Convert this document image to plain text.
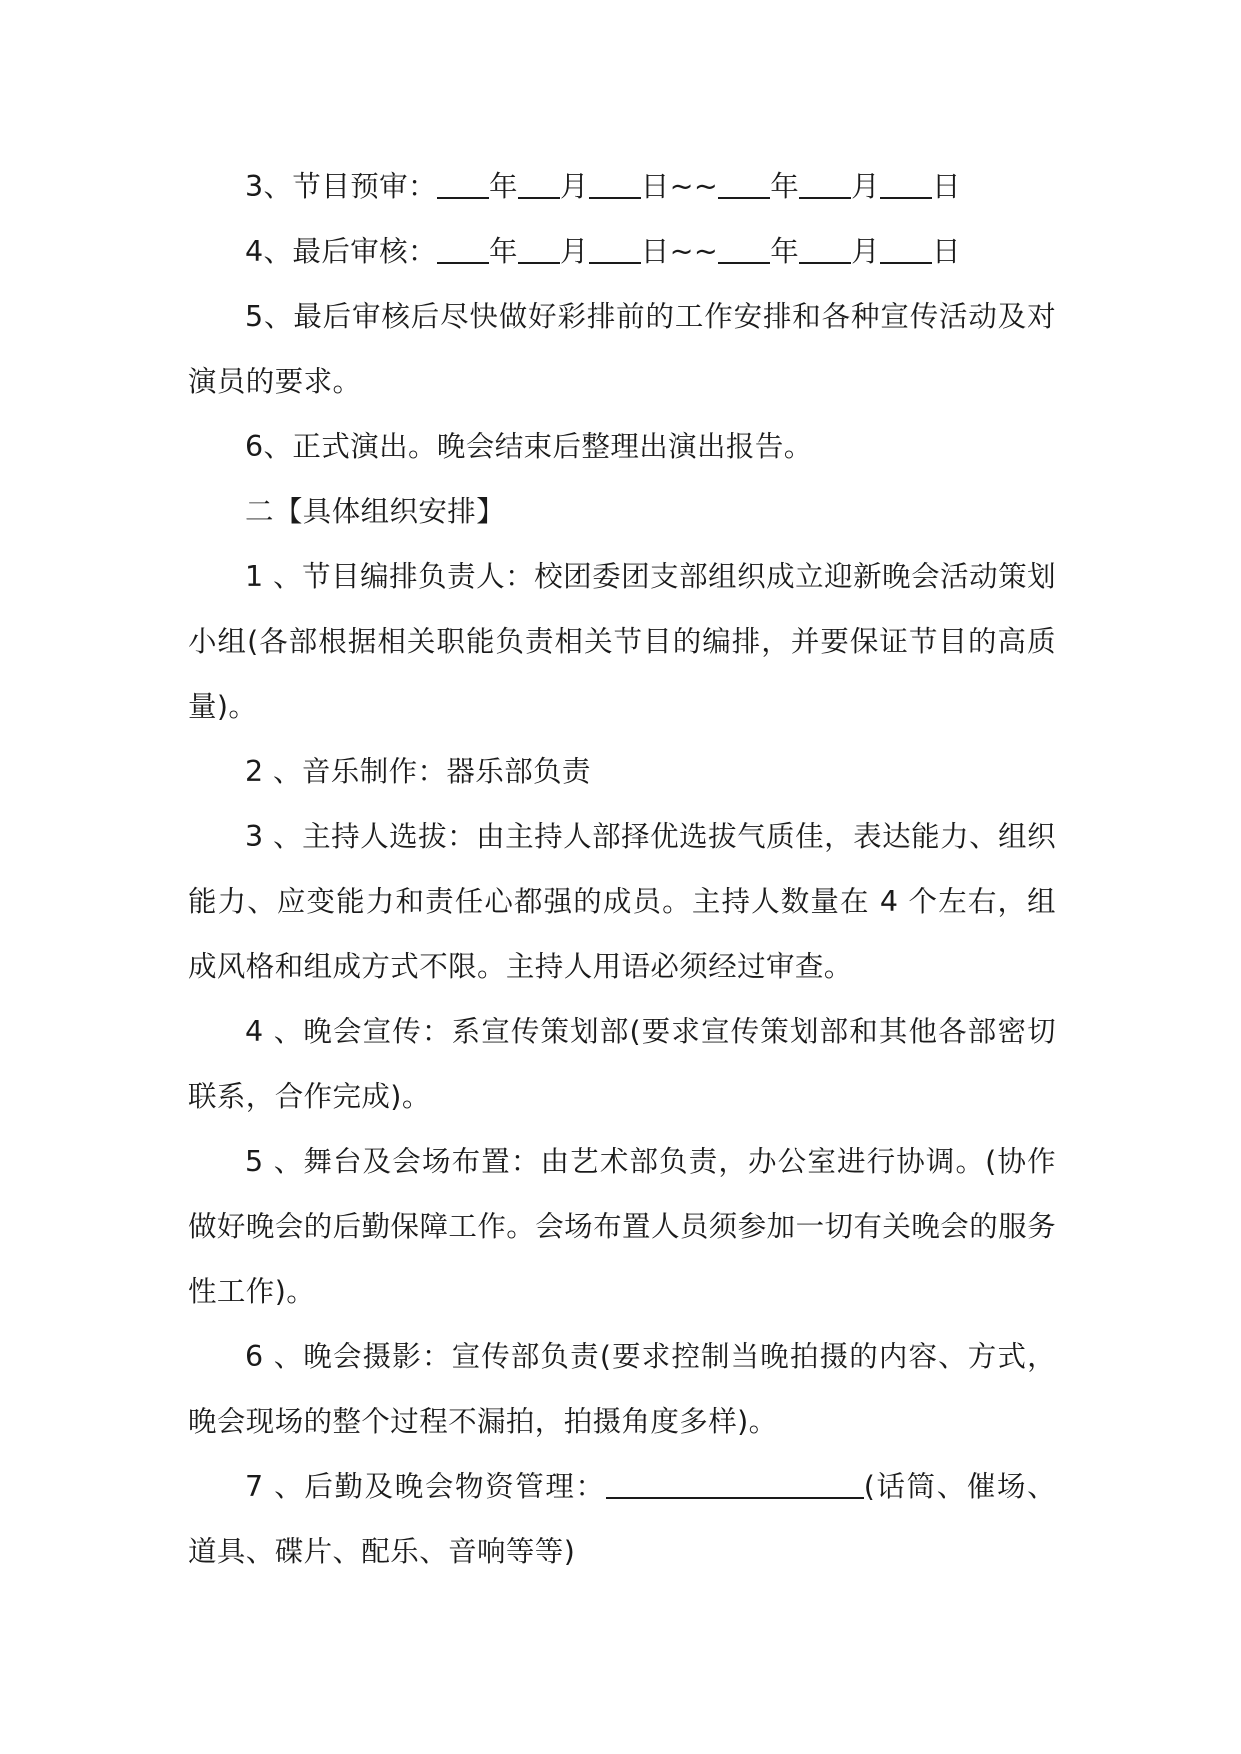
3、节目预审： 年 月 日~~ 年 月 日

4、最后审核： 年 月 日~~ 年 月 日

5、最后审核后尽快做好彩排前的工作安排和各种宣传活动及对演员的要求。

6、正式演出。晚会结束后整理出演出报告。

二【具体组织安排】

1 、节目编排负责人：校团委团支部组织成立迎新晚会活动策划小组(各部根据相关职能负责相关节目的编排，并要保证节目的高质量)。

2 、音乐制作：器乐部负责

3 、主持人选拔：由主持人部择优选拔气质佳，表达能力、组织能力、应变能力和责任心都强的成员。主持人数量在 4 个左右，组成风格和组成方式不限。主持人用语必须经过审查。

4 、晚会宣传：系宣传策划部(要求宣传策划部和其他各部密切联系，合作完成)。

5 、舞台及会场布置：由艺术部负责，办公室进行协调。(协作做好晚会的后勤保障工作。会场布置人员须参加一切有关晚会的服务性工作)。

6 、晚会摄影：宣传部负责(要求控制当晚拍摄的内容、方式，晚会现场的整个过程不漏拍，拍摄角度多样)。

7 、后勤及晚会物资管理：	(话筒、催场、道具、碟片、配乐、音响等等)
